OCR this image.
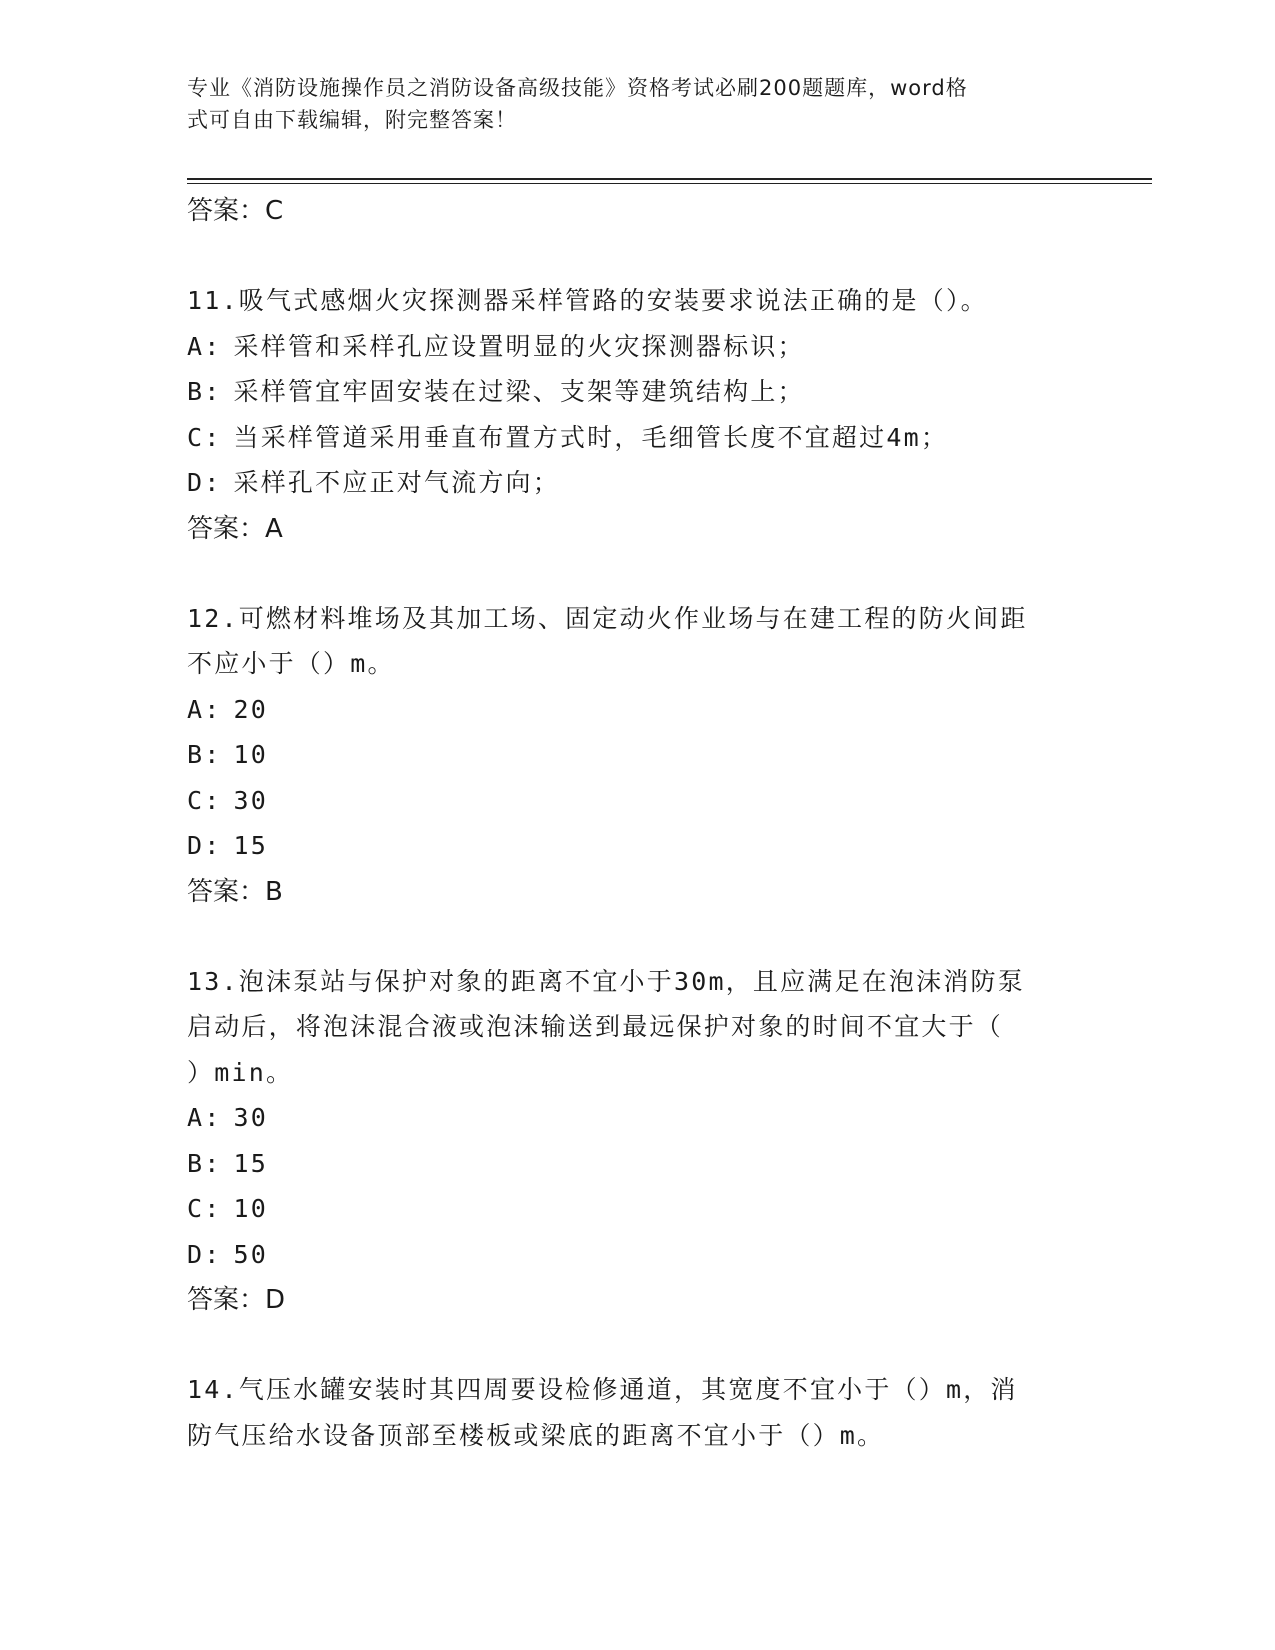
专业《消防设施操作员之消防设备高级技能》资格考试必刷200题题库，word格
式可自由下载编辑，附完整答案！
答案：C
11.吸气式感烟火灾探测器采样管路的安装要求说法正确的是（）。
A: 采样管和采样孔应设置明显的火灾探测器标识；
B: 采样管宜牢固安装在过梁、支架等建筑结构上；
C: 当采样管道采用垂直布置方式时，毛细管长度不宜超过4m；
D: 采样孔不应正对气流方向；
答案：A
12.可燃材料堆场及其加工场、固定动火作业场与在建工程的防火间距
不应小于（）m。
A: 20
B: 10
C: 30
D: 15
答案：B
13.泡沫泵站与保护对象的距离不宜小于30m，且应满足在泡沫消防泵
启动后，将泡沫混合液或泡沫输送到最远保护对象的时间不宜大于（
）min。
A: 30
B: 15
C: 10
D: 50
答案：D
14.气压水罐安装时其四周要设检修通道，其宽度不宜小于（）m，消
防气压给水设备顶部至楼板或梁底的距离不宜小于（）m。
